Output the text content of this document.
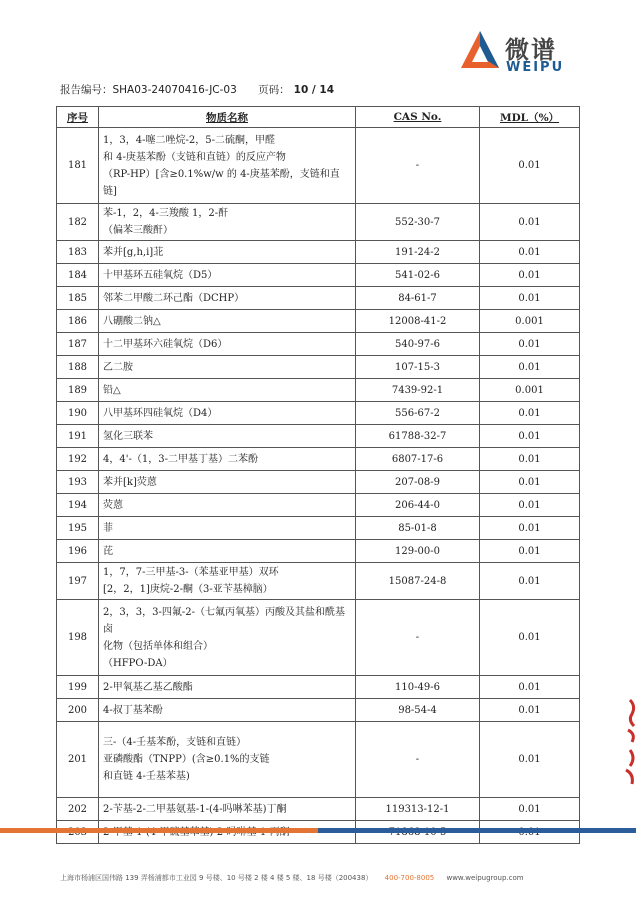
微谱
WEIPU
报告编号：SHA03-24070416-JC-03 页码： 10 / 14
序号	物质名称	CAS No.	MDL（%）
181	1，3，4-噻二唑烷-2，5-二硫酮，甲醛
和 4-庚基苯酚（支链和直链）的反应产物
（RP-HP）[含≥0.1%w/w 的 4-庚基苯酚，支链和直链]	-	0.01
182	苯-1，2，4-三羧酸 1，2-酐
（偏苯三酸酐）	552-30-7	0.01
183	苯并[g,h,i]苝	191-24-2	0.01
184	十甲基环五硅氧烷（D5）	541-02-6	0.01
185	邻苯二甲酸二环己酯（DCHP）	84-61-7	0.01
186	八硼酸二钠△	12008-41-2	0.001
187	十二甲基环六硅氧烷（D6）	540-97-6	0.01
188	乙二胺	107-15-3	0.01
189	铅△	7439-92-1	0.001
190	八甲基环四硅氧烷（D4）	556-67-2	0.01
191	氢化三联苯	61788-32-7	0.01
192	4，4'-（1，3-二甲基丁基）二苯酚	6807-17-6	0.01
193	苯并[k]荧蒽	207-08-9	0.01
194	荧蒽	206-44-0	0.01
195	菲	85-01-8	0.01
196	芘	129-00-0	0.01
197	1，7，7-三甲基-3-（苯基亚甲基）双环
[2，2，1]庚烷-2-酮（3-亚苄基樟脑）	15087-24-8	0.01
198	2，3，3，3-四氟-2-（七氟丙氧基）丙酸及其盐和酰基卤
化物（包括单体和组合）
（HFPO-DA）	-	0.01
199	2-甲氧基乙基乙酸酯	110-49-6	0.01
200	4-叔丁基苯酚	98-54-4	0.01
201	三-（4-壬基苯酚，支链和直链）
亚磷酸酯（TNPP）(含≥0.1%的支链
和直链 4-壬基苯基)	-	0.01
202	2-苄基-2-二甲基氨基-1-(4-吗啉苯基)丁酮	119313-12-1	0.01

上海市杨浦区国伟路 139 弄杨浦都市工业园 9 号楼、10 号楼 2 楼 4 楼 5 楼、18 号楼（200438） 400-700-8005 www.weipugroup.com
